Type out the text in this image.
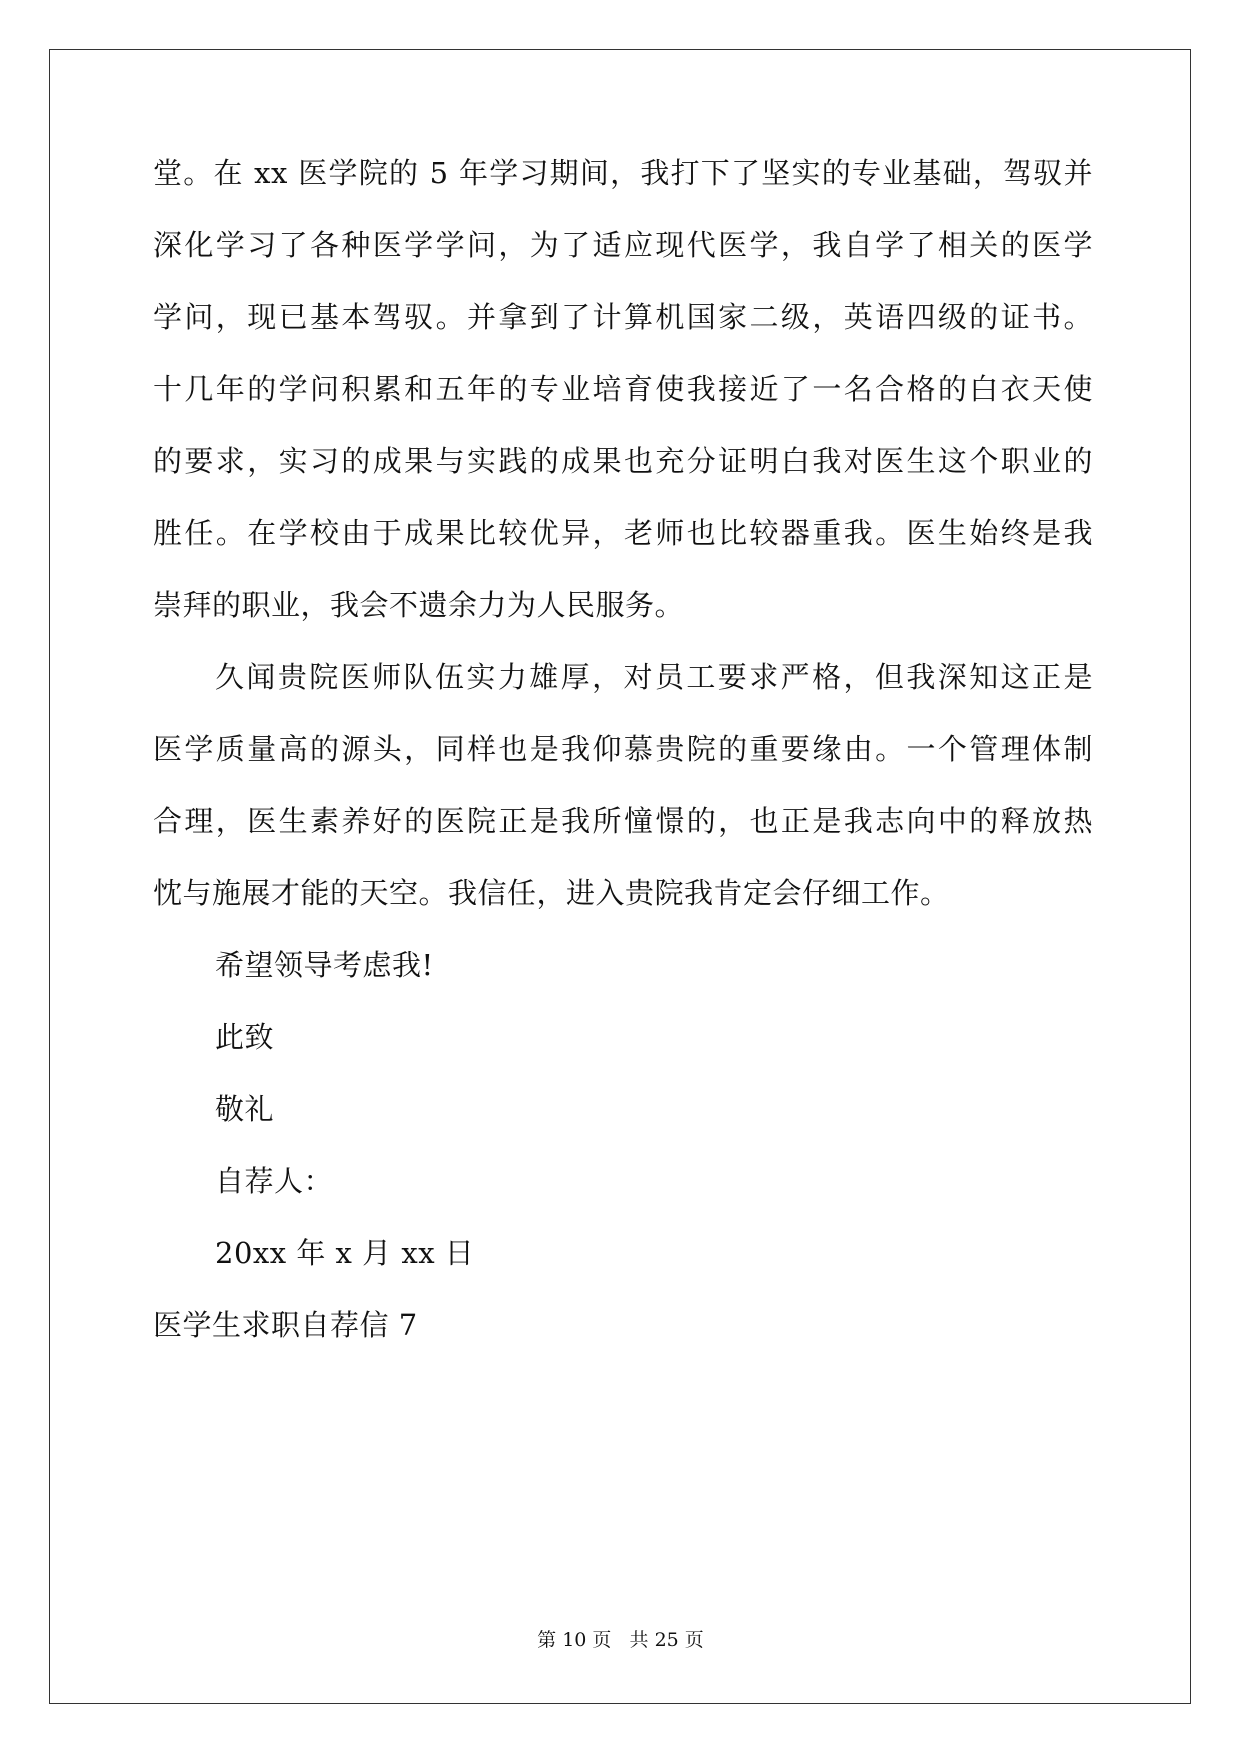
堂。在 xx 医学院的 5 年学习期间，我打下了坚实的专业基础，驾驭并
深化学习了各种医学学问，为了适应现代医学，我自学了相关的医学
学问，现已基本驾驭。并拿到了计算机国家二级，英语四级的证书。
十几年的学问积累和五年的专业培育使我接近了一名合格的白衣天使
的要求，实习的成果与实践的成果也充分证明白我对医生这个职业的
胜任。在学校由于成果比较优异，老师也比较器重我。医生始终是我
崇拜的职业，我会不遗余力为人民服务。
久闻贵院医师队伍实力雄厚，对员工要求严格，但我深知这正是
医学质量高的源头，同样也是我仰慕贵院的重要缘由。一个管理体制
合理，医生素养好的医院正是我所憧憬的，也正是我志向中的释放热
忱与施展才能的天空。我信任，进入贵院我肯定会仔细工作。
希望领导考虑我!
此致
敬礼
自荐人：
20xx 年 x 月 xx 日
医学生求职自荐信 7
第 10 页   共 25 页
